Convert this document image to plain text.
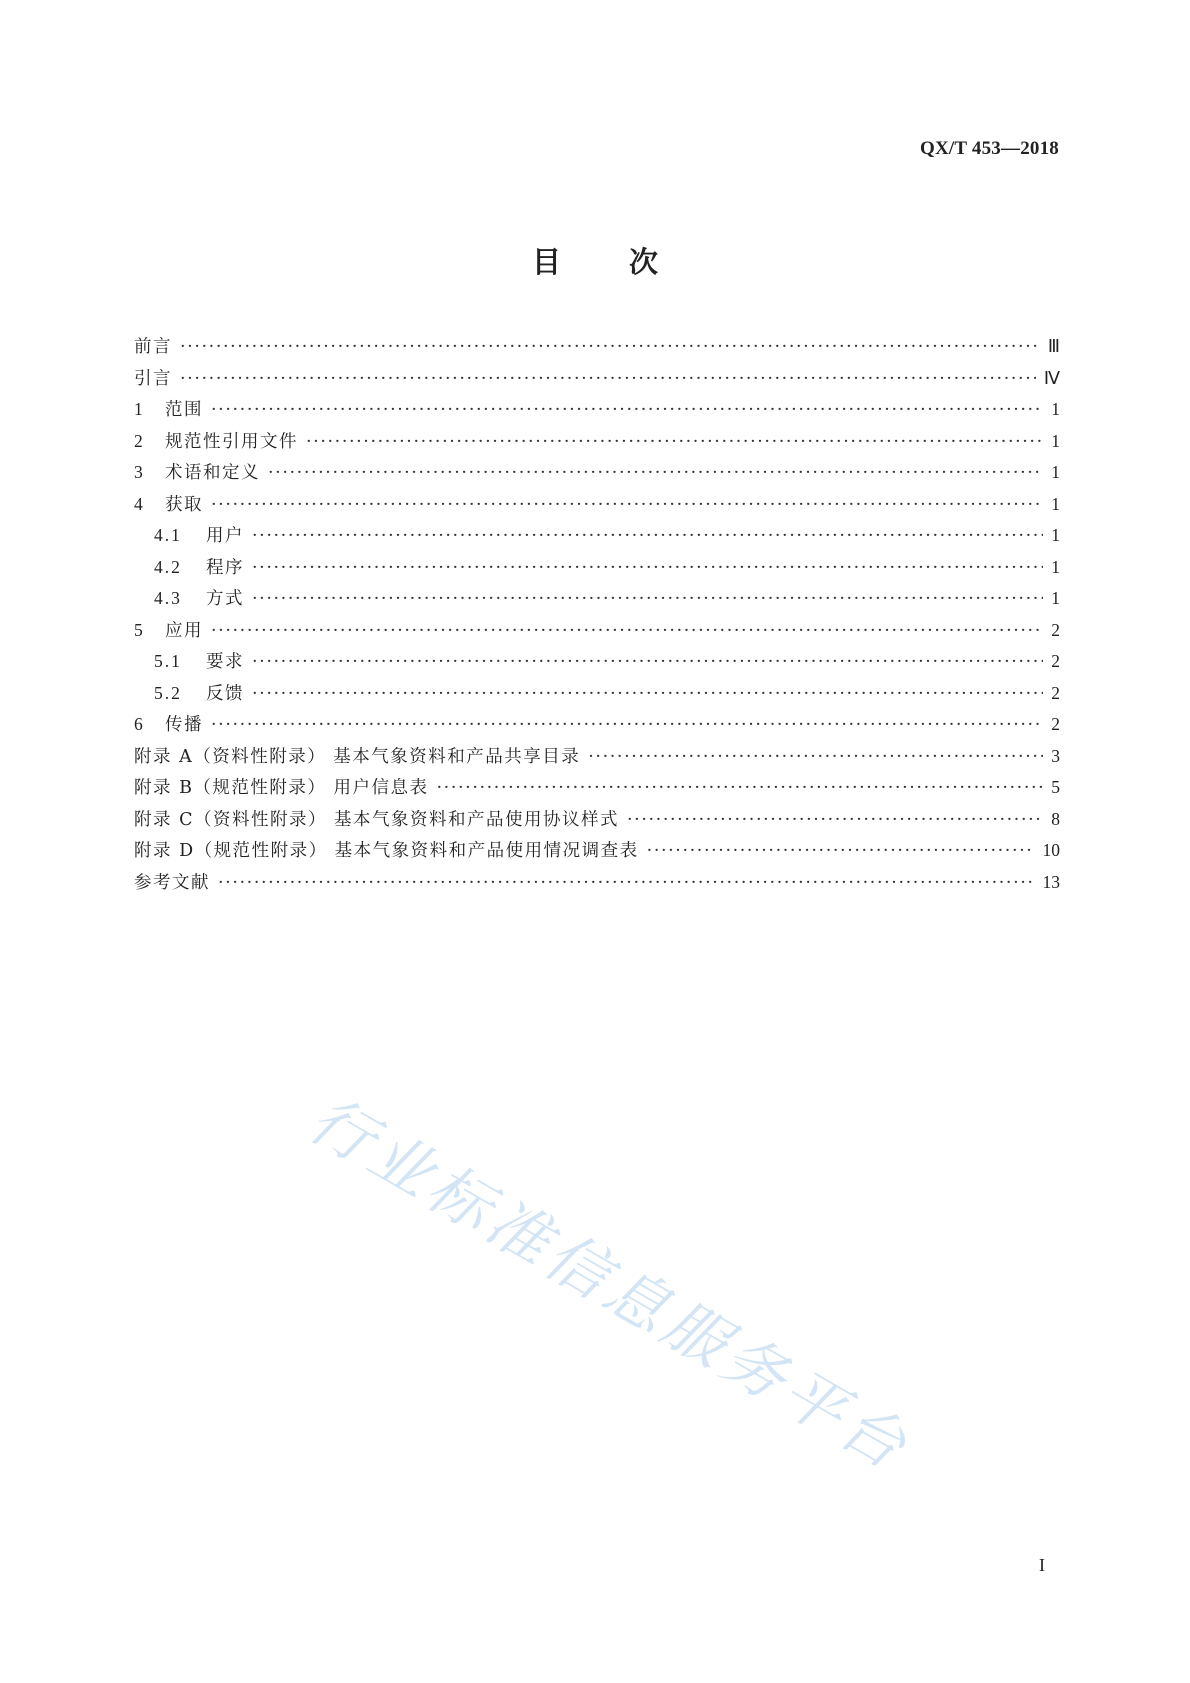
QX/T 453—2018
目 次
前言 ·····	Ⅲ
引言 ·····	Ⅳ
1	范围 ·····	1
2	规范性引用文件 ·····	1
3	术语和定义 ·····	1
4	获取 ·····	1
4.1	用户 ·····	1
4.2	程序 ·····	1
4.3	方式 ·····	1
5	应用 ·····	2
5.1	要求 ·····	2
5.2	反馈 ·····	2
6	传播 ·····	2
附录 A（资料性附录） 基本气象资料和产品共享目录 ·····	3
附录 B（规范性附录） 用户信息表 ·····	5
附录 C（资料性附录） 基本气象资料和产品使用协议样式 ·····	8
附录 D（规范性附录） 基本气象资料和产品使用情况调查表 ·····	10
参考文献 ·····	13
行业标准信息服务平台
I
